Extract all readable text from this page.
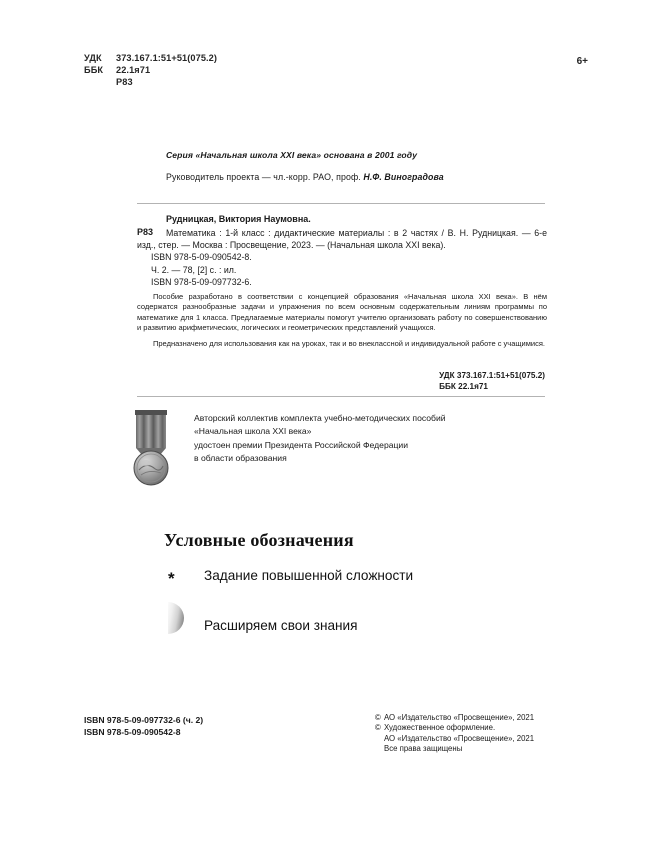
УДК	373.167.1:51+51(075.2)
ББК	22.1я71
Р83
6+
Серия «Начальная школа XXI века» основана в 2001 году
Руководитель проекта — чл.-корр. РАО, проф. Н.Ф. Виноградова
Рудницкая, Виктория Наумовна.
Р83	Математика : 1-й класс : дидактические материалы : в 2 частях / В. Н. Рудницкая. — 6-е изд., стер. — Москва : Просвещение, 2023. — (Начальная школа XXI века).
ISBN 978-5-09-090542-8.
Ч. 2. — 78, [2] с. : ил.
ISBN 978-5-09-097732-6.

Пособие разработано в соответствии с концепцией образования «Начальная школа XXI века». В нём содержатся разнообразные задачи и упражнения по всем основным содержательным линиям программы по математике для 1 класса. Предлагаемые материалы помогут учителю организовать работу по совершенствованию и развитию арифметических, логических и геометрических представлений учащихся.

Предназначено для использования как на уроках, так и во внеклассной и индивидуальной работе с учащимися.

УДК 373.167.1:51+51(075.2)
ББК 22.1я71
Авторский коллектив комплекта учебно-методических пособий
«Начальная школа XXI века»
удостоен премии Президента Российской Федерации
в области образования
Условные обозначения
*	Задание повышенной сложности
Расширяем свои знания
ISBN 978-5-09-097732-6 (ч. 2)
ISBN 978-5-09-090542-8
© АО «Издательство «Просвещение», 2021
© Художественное оформление.
АО «Издательство «Просвещение», 2021
Все права защищены
